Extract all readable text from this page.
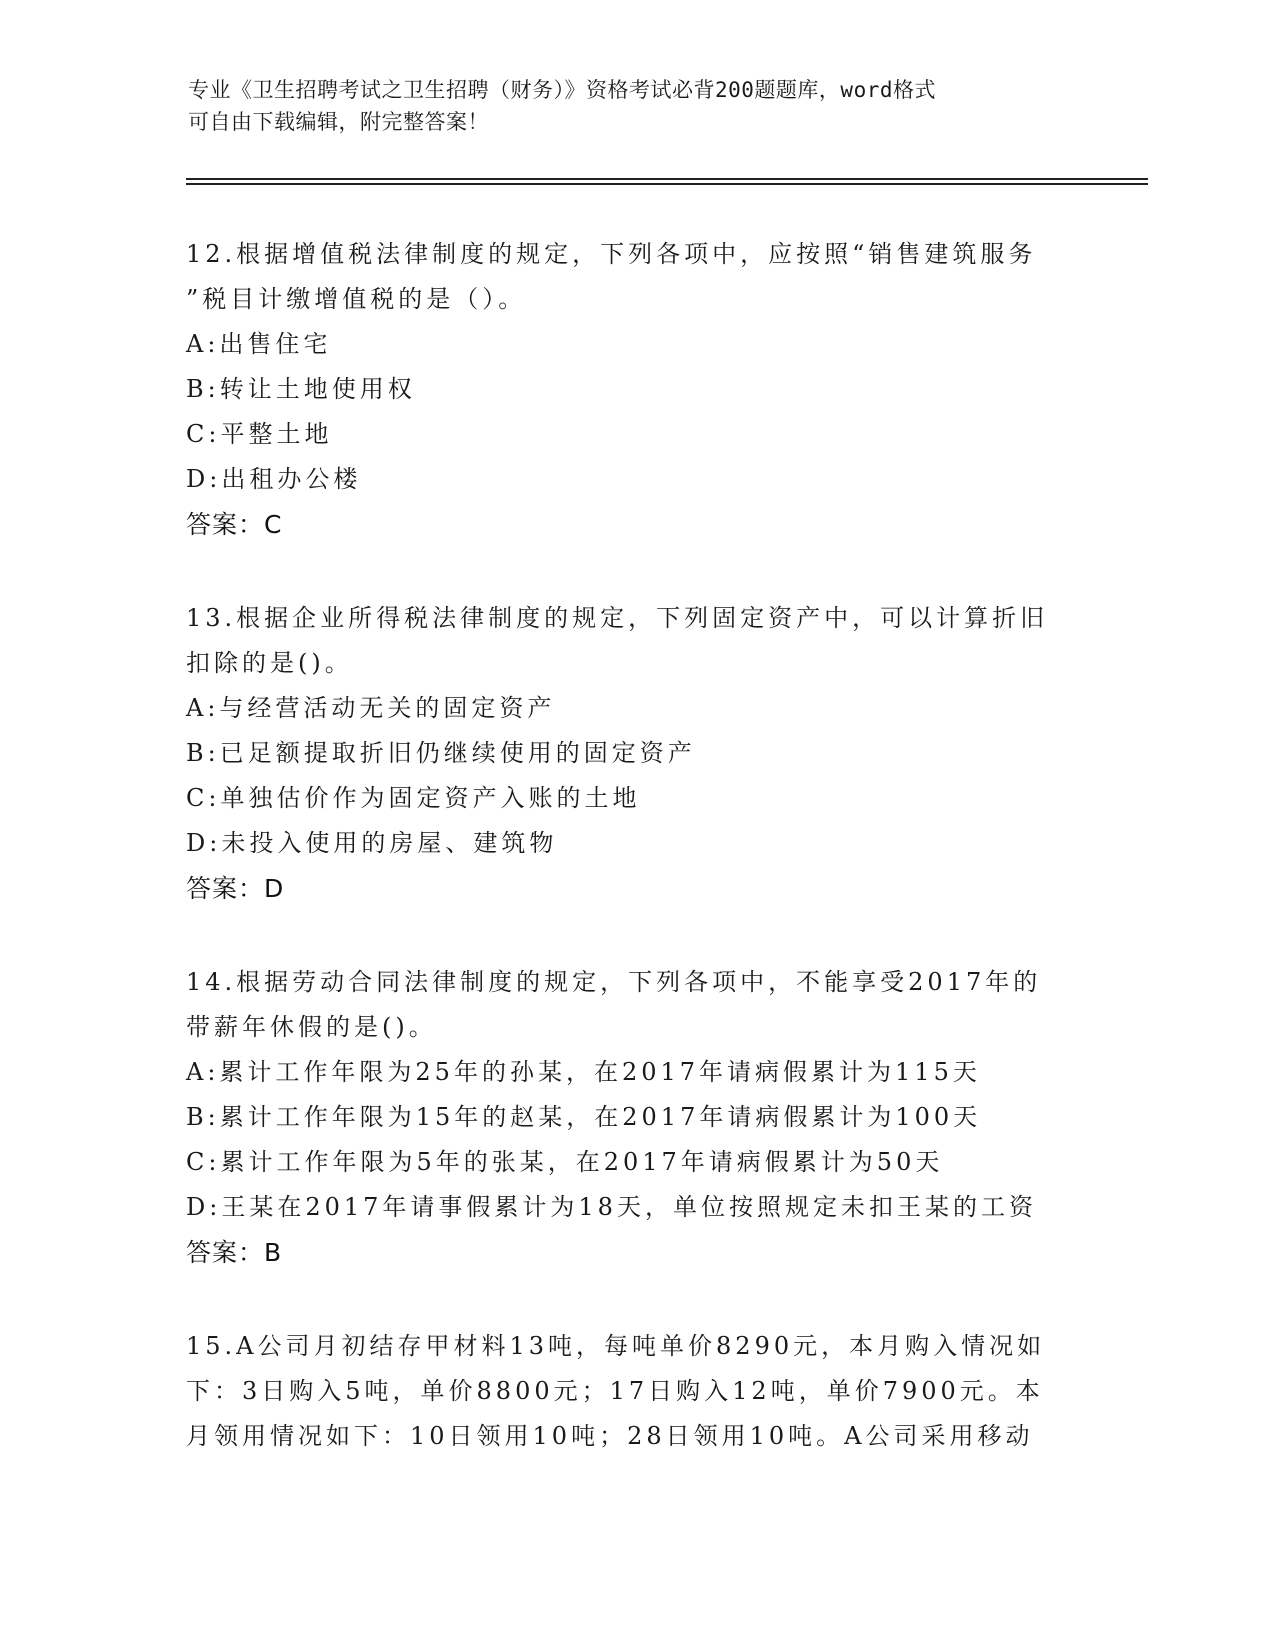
专业《卫生招聘考试之卫生招聘（财务）》资格考试必背200题题库，word格式
可自由下载编辑，附完整答案！
12.根据增值税法律制度的规定，下列各项中，应按照“销售建筑服务
”税目计缴增值税的是（）。
A:出售住宅
B:转让土地使用权
C:平整土地
D:出租办公楼
答案：C
13.根据企业所得税法律制度的规定，下列固定资产中，可以计算折旧
扣除的是()。
A:与经营活动无关的固定资产
B:已足额提取折旧仍继续使用的固定资产
C:单独估价作为固定资产入账的土地
D:未投入使用的房屋、建筑物
答案：D
14.根据劳动合同法律制度的规定，下列各项中，不能享受2017年的
带薪年休假的是()。
A:累计工作年限为25年的孙某，在2017年请病假累计为115天
B:累计工作年限为15年的赵某，在2017年请病假累计为100天
C:累计工作年限为5年的张某，在2017年请病假累计为50天
D:王某在2017年请事假累计为18天，单位按照规定未扣王某的工资
答案：B
15.A公司月初结存甲材料13吨，每吨单价8290元，本月购入情况如
下：3日购入5吨，单价8800元；17日购入12吨，单价7900元。本
月领用情况如下：10日领用10吨；28日领用10吨。A公司采用移动
